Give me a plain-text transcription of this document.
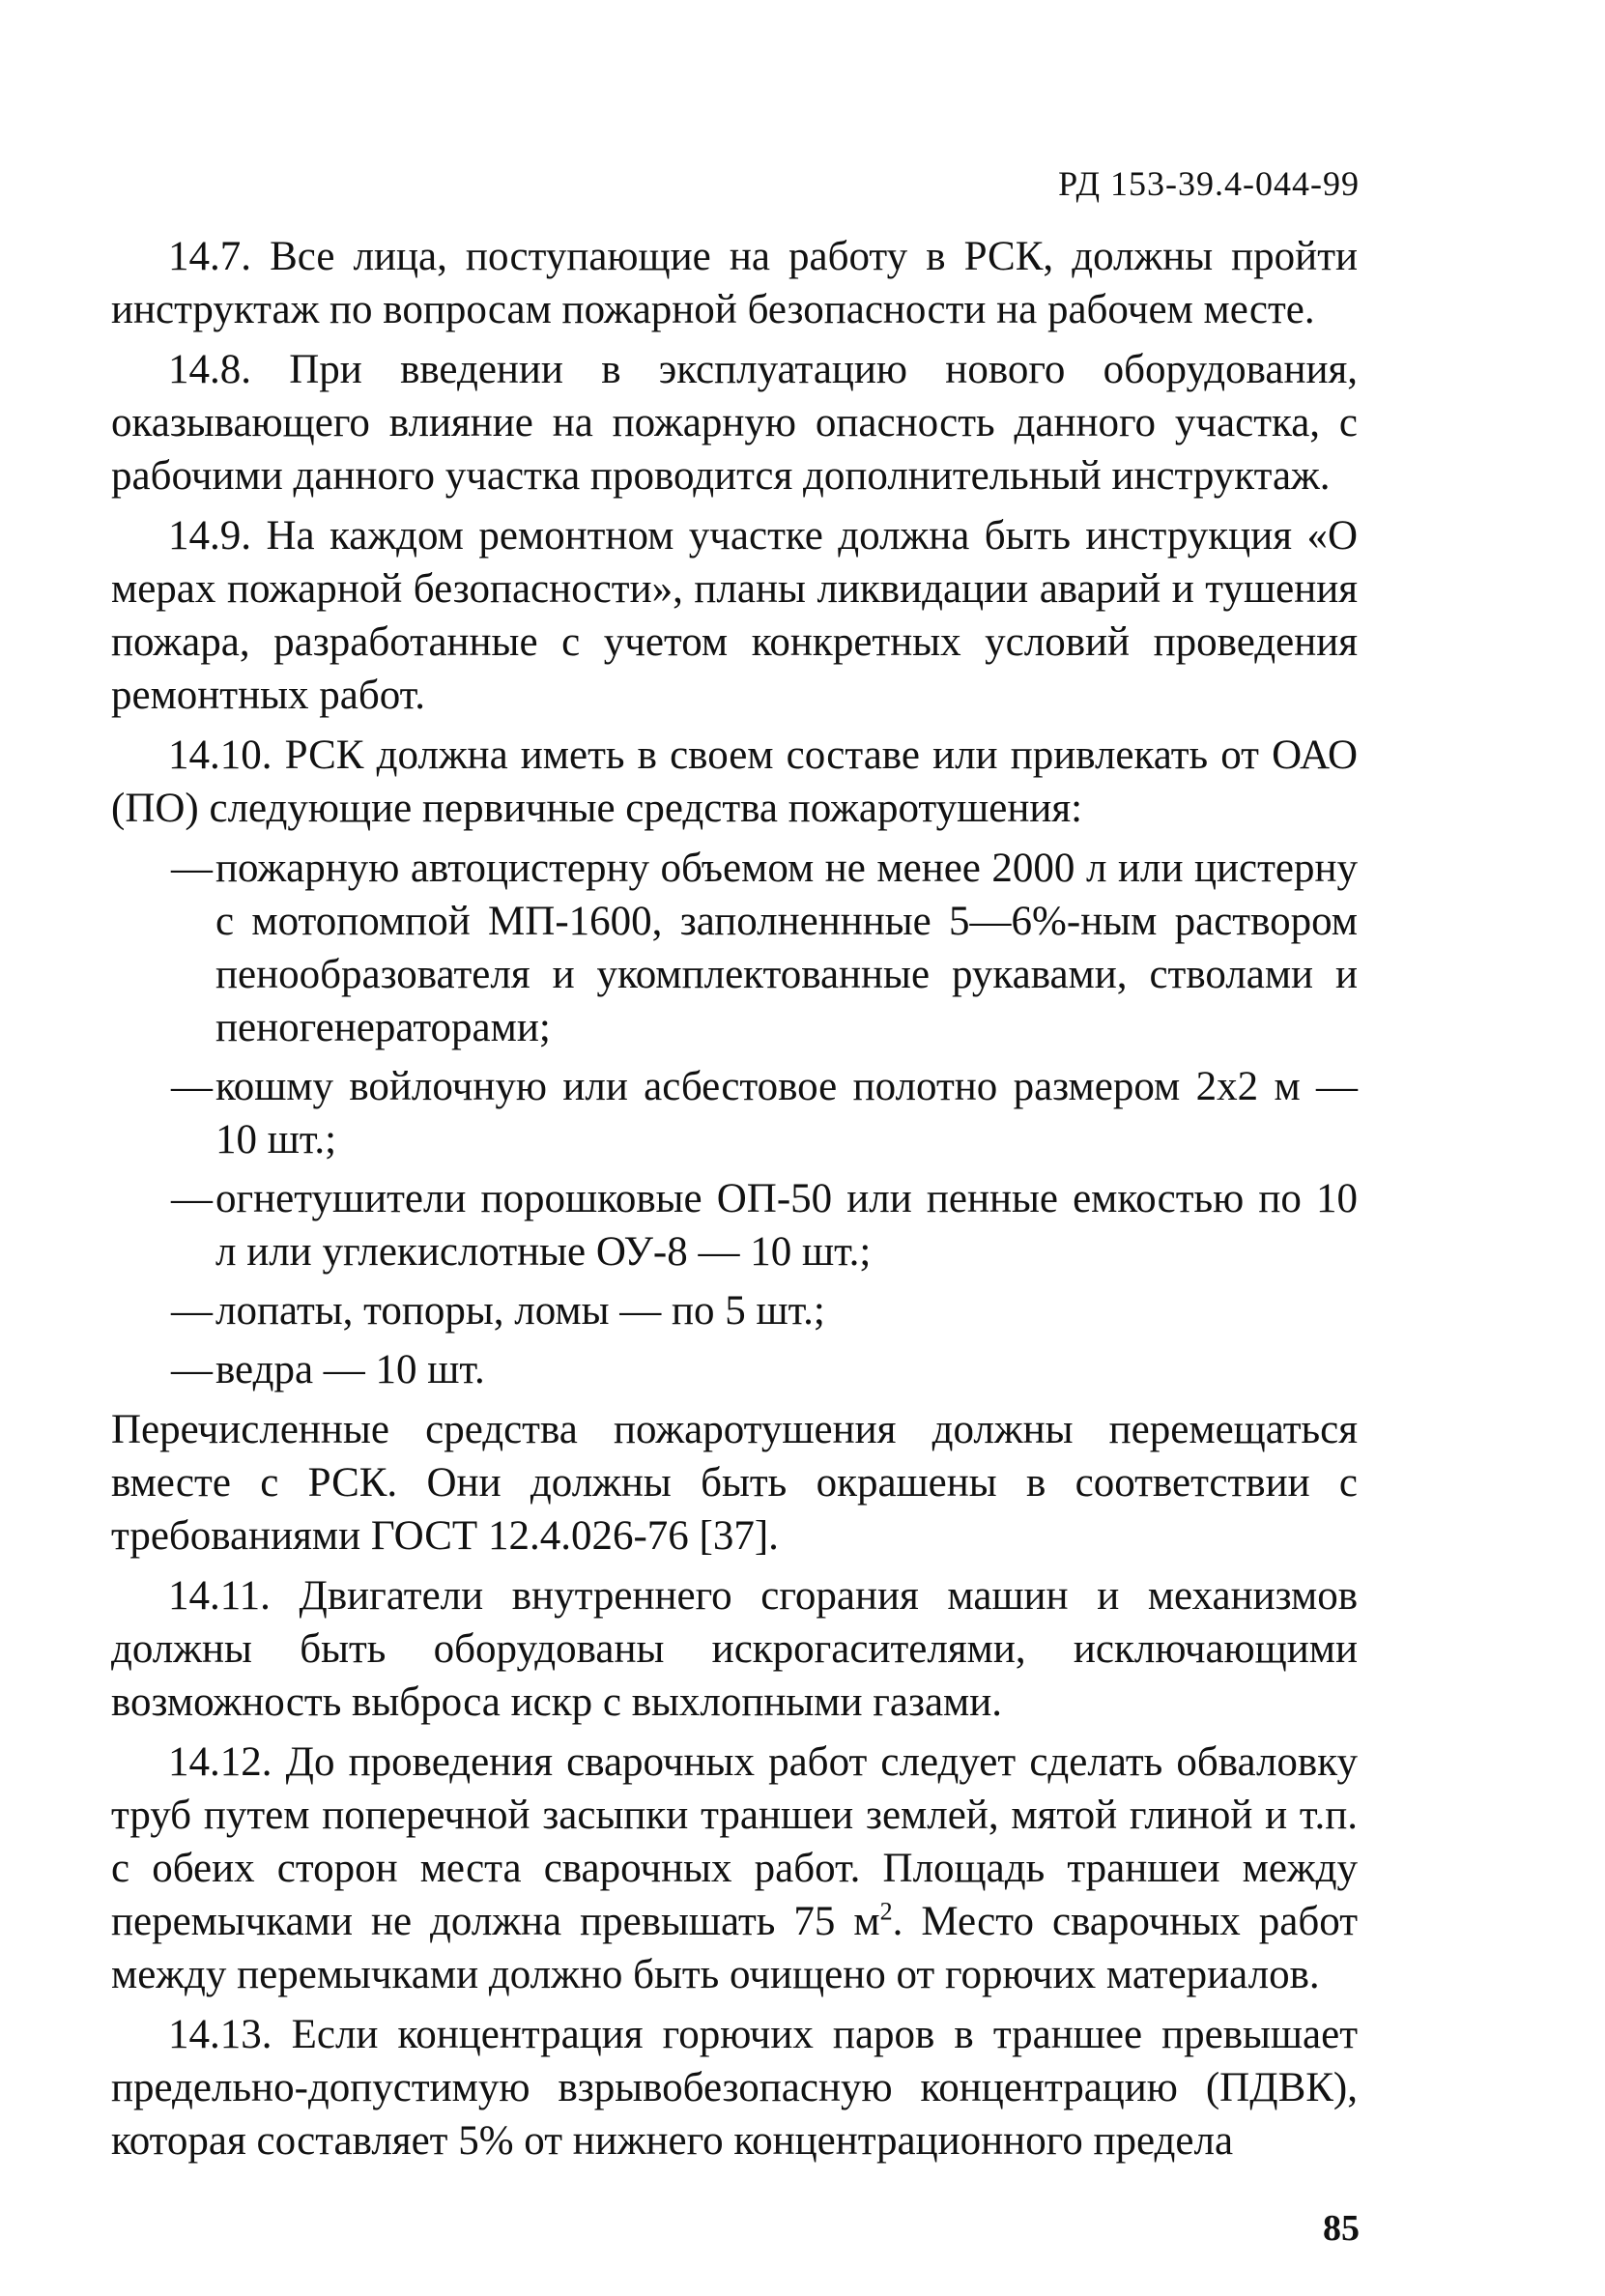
РД 153-39.4-044-99

14.7. Все лица, поступающие на работу в РСК, должны пройти инструктаж по вопросам пожарной безопасности на рабочем месте.

14.8. При введении в эксплуатацию нового оборудования, оказывающего влияние на пожарную опасность данного участка, с рабочими данного участка проводится дополнительный инструктаж.

14.9. На каждом ремонтном участке должна быть инструкция «О мерах пожарной безопасности», планы ликвидации аварий и тушения пожара, разработанные с учетом конкретных условий проведения ремонтных работ.

14.10. РСК должна иметь в своем составе или привлекать от ОАО (ПО) следующие первичные средства пожаротушения:

— пожарную автоцистерну объемом не менее 2000 л или цистерну с мотопомпой МП-1600, заполненнные 5—6%-ным раствором пенообразователя и укомплектованные рукавами, стволами и пеногенераторами;
— кошму войлочную или асбестовое полотно размером 2х2 м — 10 шт.;
— огнетушители порошковые ОП-50 или пенные емкостью по 10 л или углекислотные ОУ-8 — 10 шт.;
— лопаты, топоры, ломы — по 5 шт.;
— ведра — 10 шт.

Перечисленные средства пожаротушения должны перемещаться вместе с РСК. Они должны быть окрашены в соответствии с требованиями ГОСТ 12.4.026-76 [37].

14.11. Двигатели внутреннего сгорания машин и механизмов должны быть оборудованы искрогасителями, исключающими возможность выброса искр с выхлопными газами.

14.12. До проведения сварочных работ следует сделать обваловку труб путем поперечной засыпки траншеи землей, мятой глиной и т.п. с обеих сторон места сварочных работ. Площадь траншеи между перемычками не должна превышать 75 $м^2$. Место сварочных работ между перемычками должно быть очищено от горючих материалов.

14.13. Если концентрация горючих паров в траншее превышает предельно-допустимую взрывобезопасную концентрацию (ПДВК), которая составляет 5% от нижнего концентрационного предела

85
